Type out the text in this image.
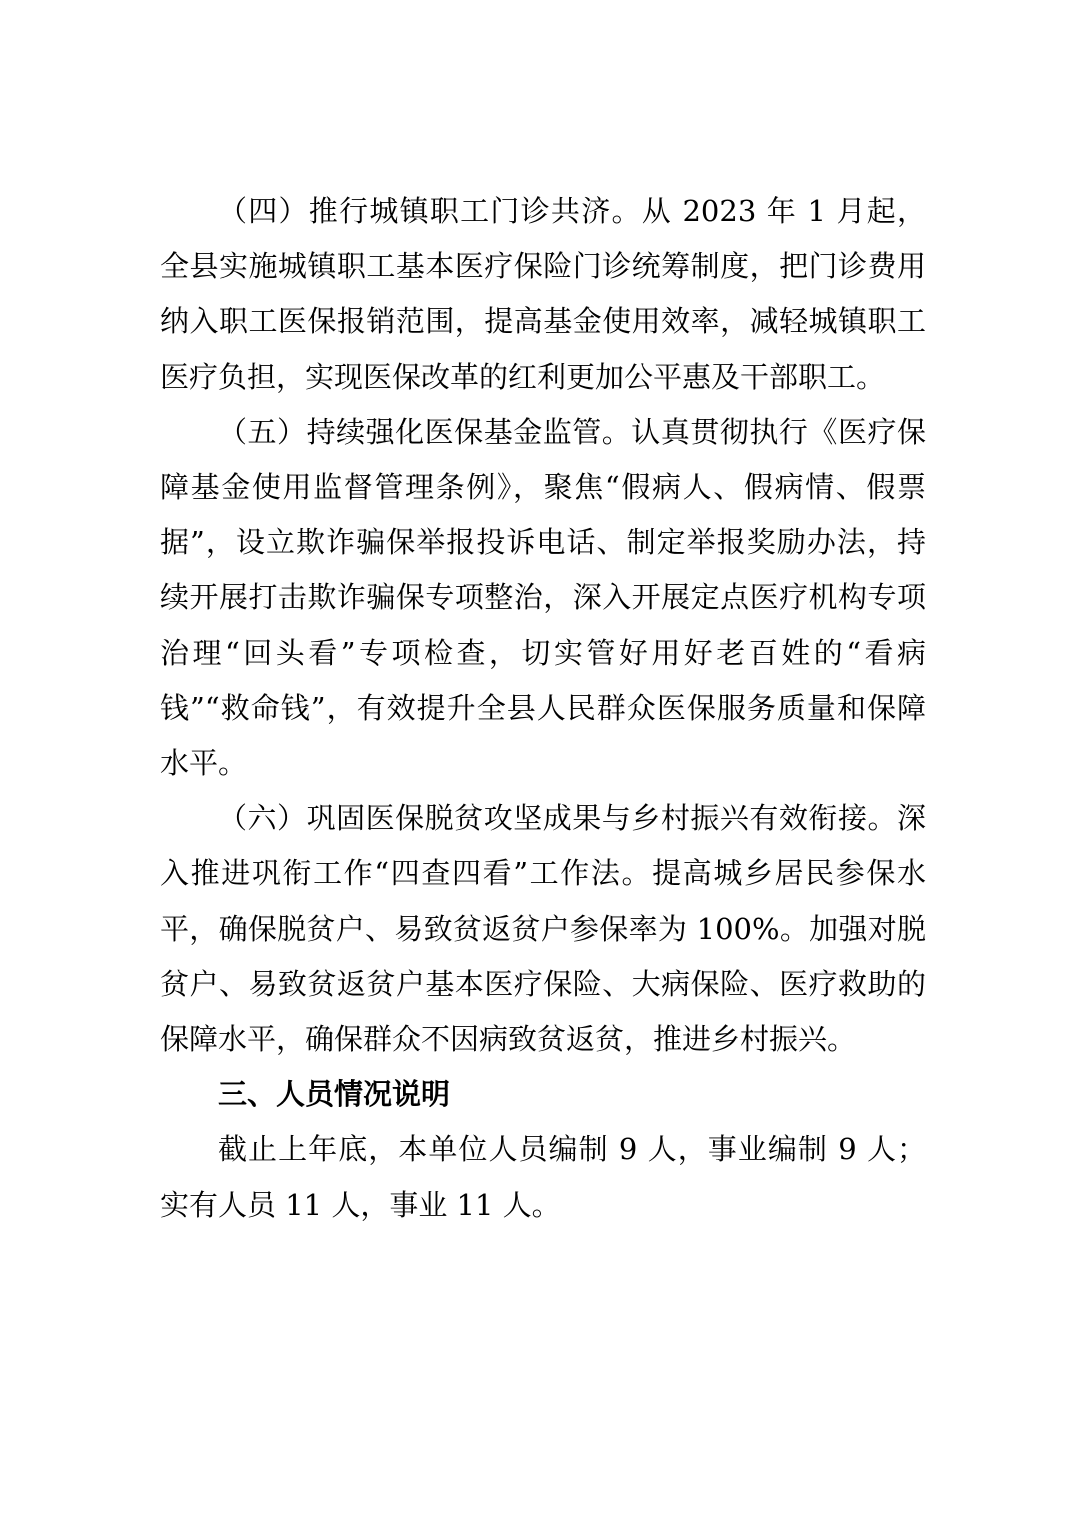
（四）推行城镇职工门诊共济。从 2023 年 1 月起，全县实施城镇职工基本医疗保险门诊统筹制度，把门诊费用纳入职工医保报销范围，提高基金使用效率，减轻城镇职工医疗负担，实现医保改革的红利更加公平惠及干部职工。

（五）持续强化医保基金监管。认真贯彻执行《医疗保障基金使用监督管理条例》，聚焦“假病人、假病情、假票据”，设立欺诈骗保举报投诉电话、制定举报奖励办法，持续开展打击欺诈骗保专项整治，深入开展定点医疗机构专项治理“回头看”专项检查，切实管好用好老百姓的“看病钱”“救命钱”，有效提升全县人民群众医保服务质量和保障水平。

（六）巩固医保脱贫攻坚成果与乡村振兴有效衔接。深入推进巩衔工作“四查四看”工作法。提高城乡居民参保水平，确保脱贫户、易致贫返贫户参保率为 100%。加强对脱贫户、易致贫返贫户基本医疗保险、大病保险、医疗救助的保障水平，确保群众不因病致贫返贫，推进乡村振兴。

三、人员情况说明

截止上年底，本单位人员编制 9 人，事业编制 9 人；实有人员 11 人，事业 11 人。
